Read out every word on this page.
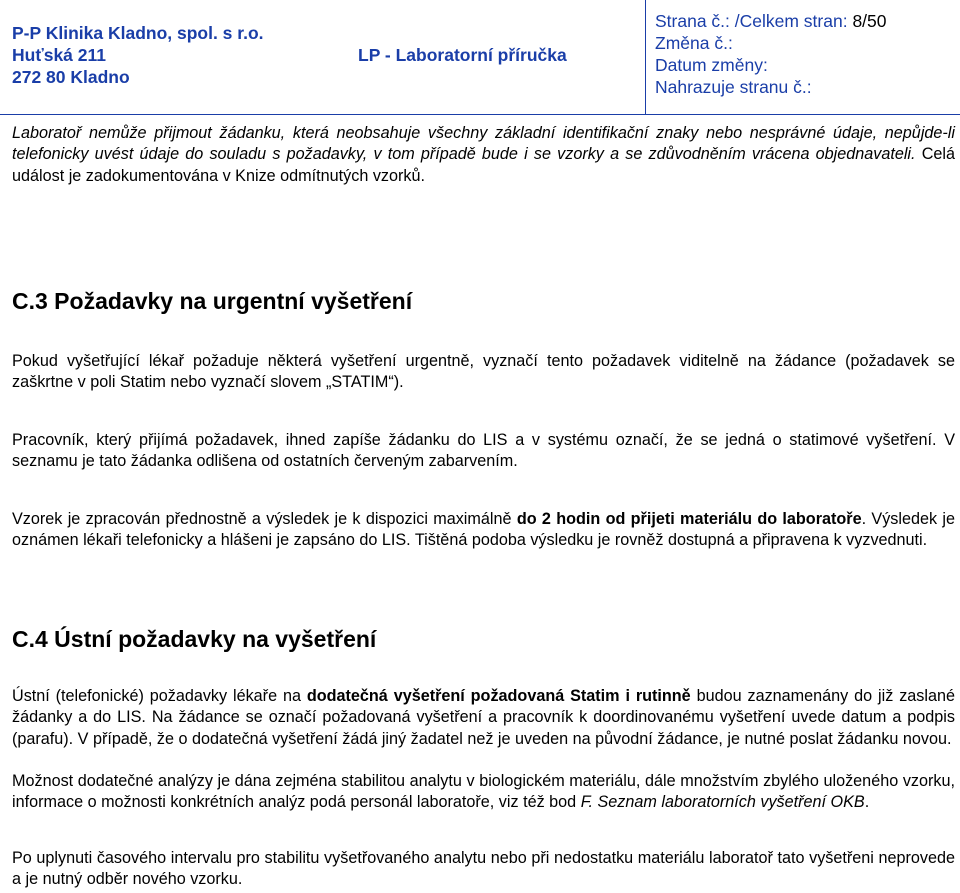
P-P Klinika Kladno, spol. s r.o.
Huťská 211
272 80 Kladno
LP - Laboratorní příručka
Strana č.: /Celkem stran: 8/50
Změna č.:
Datum změny:
Nahrazuje stranu č.:

Laboratoř nemůže přijmout žádanku, která neobsahuje všechny základní identifikační znaky nebo nesprávné údaje, nepůjde-li telefonicky uvést údaje do souladu s požadavky, v tom případě bude i se vzorky a se zdůvodněním vrácena objednavateli. Celá událost je zadokumentována v Knize odmítnutých vzorků.

C.3 Požadavky na urgentní vyšetření

Pokud vyšetřující lékař požaduje některá vyšetření urgentně, vyznačí tento požadavek viditelně na žádance (požadavek se zaškrtne v poli Statim nebo vyznačí slovem „STATIM“).

Pracovník, který přijímá požadavek, ihned zapíše žádanku do LIS a v systému označí, že se jedná o statimové vyšetření. V seznamu je tato žádanka odlišena od ostatních červeným zabarvením.

Vzorek je zpracován přednostně a výsledek je k dispozici maximálně do 2 hodin od přijeti materiálu do laboratoře. Výsledek je oznámen lékaři telefonicky a hlášeni je zapsáno do LIS. Tištěná podoba výsledku je rovněž dostupná a připravena k vyzvednuti.

C.4 Ústní požadavky na vyšetření

Ústní (telefonické) požadavky lékaře na dodatečná vyšetření požadovaná Statim i rutinně budou zaznamenány do již zaslané žádanky a do LIS. Na žádance se označí požadovaná vyšetření a pracovník k doordinovanému vyšetření uvede datum a podpis (parafu). V případě, že o dodatečná vyšetření žádá jiný žadatel než je uveden na původní žádance, je nutné poslat žádanku novou.

Možnost dodatečné analýzy je dána zejména stabilitou analytu v biologickém materiálu, dále množstvím zbylého uloženého vzorku, informace o možnosti konkrétních analýz podá personál laboratoře, viz též bod F. Seznam laboratorních vyšetření OKB.

Po uplynuti časového intervalu pro stabilitu vyšetřovaného analytu nebo při nedostatku materiálu laboratoř tato vyšetřeni neprovede a je nutný odběr nového vzorku.
